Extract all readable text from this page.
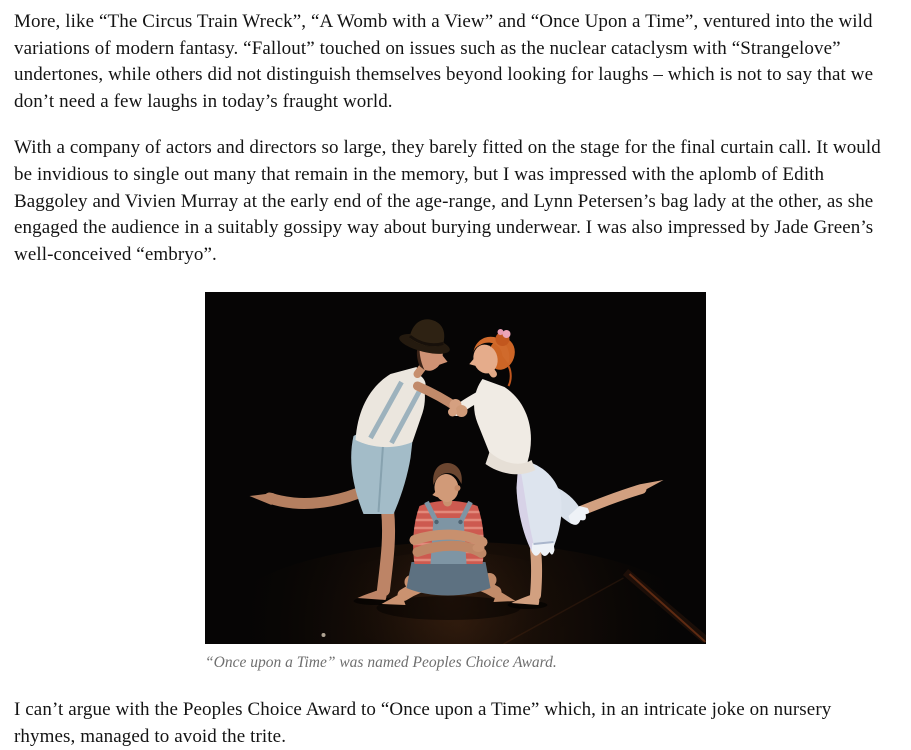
More, like “The Circus Train Wreck”, “A Womb with a View” and “Once Upon a Time”, ventured into the wild variations of modern fantasy. “Fallout” touched on issues such as the nuclear cataclysm with “Strangelove” undertones, while others did not distinguish themselves beyond looking for laughs – which is not to say that we don’t need a few laughs in today’s fraught world.

With a company of actors and directors so large, they barely fitted on the stage for the final curtain call. It would be invidious to single out many that remain in the memory, but I was impressed with the aplomb of Edith Baggoley and Vivien Murray at the early end of the age-range, and Lynn Petersen’s bag lady at the other, as she engaged the audience in a suitably gossipy way about burying underwear. I was also impressed by Jade Green’s well-conceived “embryo”.

“Once upon a Time” was named Peoples Choice Award.

I can’t argue with the Peoples Choice Award to “Once upon a Time” which, in an intricate joke on nursery rhymes, managed to avoid the trite.
